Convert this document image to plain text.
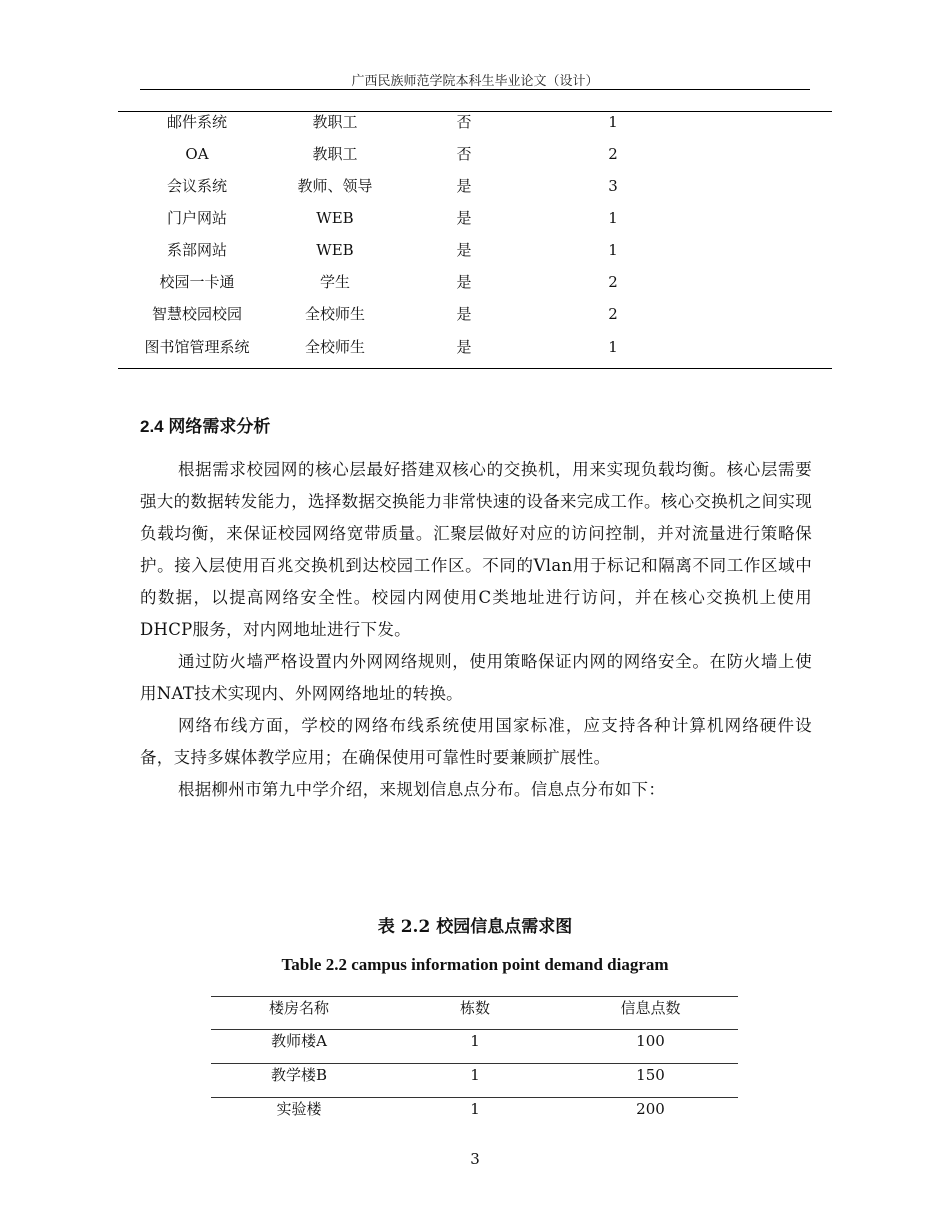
广西民族师范学院本科生毕业论文（设计）
邮件系统	教职工	否	1
OA	教职工	否	2
会议系统	教师、领导	是	3
门户网站	WEB	是	1
系部网站	WEB	是	1
校园一卡通	学生	是	2
智慧校园校园	全校师生	是	2
图书馆管理系统	全校师生	是	1
2.4 网络需求分析

根据需求校园网的核心层最好搭建双核心的交换机，用来实现负载均衡。核心层需要强大的数据转发能力，选择数据交换能力非常快速的设备来完成工作。核心交换机之间实现负载均衡，来保证校园网络宽带质量。汇聚层做好对应的访问控制，并对流量进行策略保护。接入层使用百兆交换机到达校园工作区。不同的Vlan用于标记和隔离不同工作区域中的数据，以提高网络安全性。校园内网使用C类地址进行访问，并在核心交换机上使用DHCP服务，对内网地址进行下发。

通过防火墙严格设置内外网网络规则，使用策略保证内网的网络安全。在防火墙上使用NAT技术实现内、外网网络地址的转换。

网络布线方面，学校的网络布线系统使用国家标准，应支持各种计算机网络硬件设备，支持多媒体教学应用；在确保使用可靠性时要兼顾扩展性。

根据柳州市第九中学介绍，来规划信息点分布。信息点分布如下：

表 2.2 校园信息点需求图
Table 2.2 campus information point demand diagram
楼房名称	栋数	信息点数
教师楼A	1	100
教学楼B	1	150
实验楼	1	200
3
